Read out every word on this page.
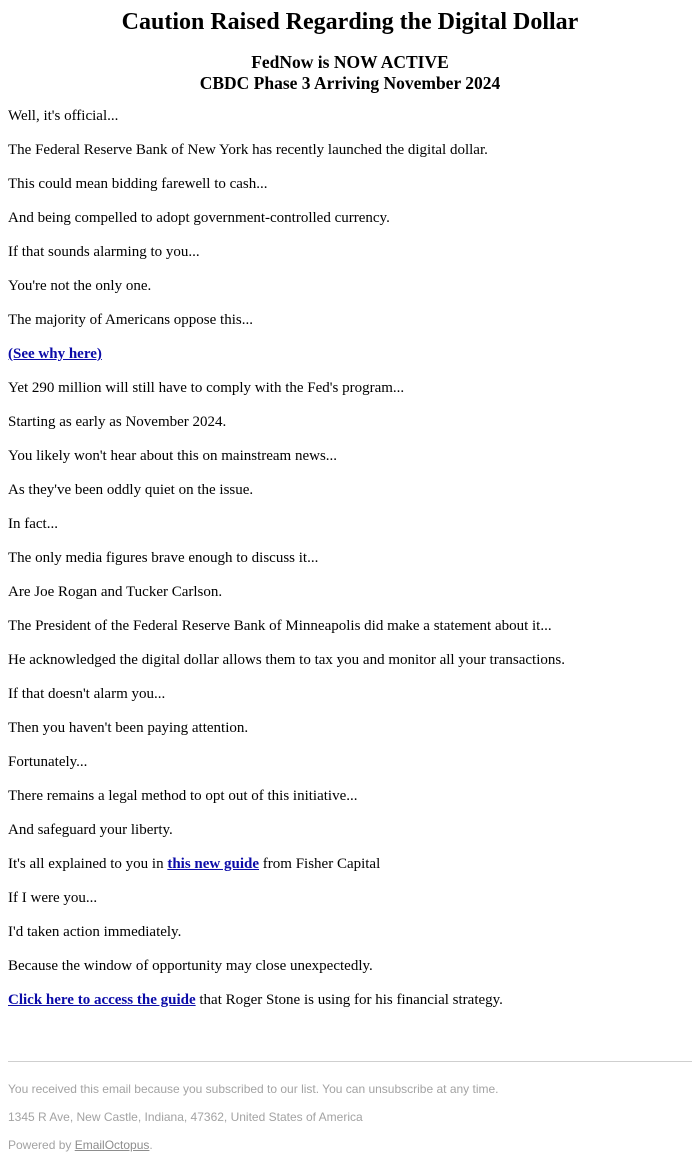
Caution Raised Regarding the Digital Dollar
FedNow is NOW ACTIVE
CBDC Phase 3 Arriving November 2024

Well, it's official...

The Federal Reserve Bank of New York has recently launched the digital dollar.

This could mean bidding farewell to cash...

And being compelled to adopt government-controlled currency.

If that sounds alarming to you...

You're not the only one.

The majority of Americans oppose this...

(See why here)

Yet 290 million will still have to comply with the Fed's program...

Starting as early as November 2024.

You likely won't hear about this on mainstream news...

As they've been oddly quiet on the issue.

In fact...

The only media figures brave enough to discuss it...

Are Joe Rogan and Tucker Carlson.

The President of the Federal Reserve Bank of Minneapolis did make a statement about it...

He acknowledged the digital dollar allows them to tax you and monitor all your transactions.

If that doesn't alarm you...

Then you haven't been paying attention.

Fortunately...

There remains a legal method to opt out of this initiative...

And safeguard your liberty.

It's all explained to you in this new guide from Fisher Capital

If I were you...

I'd taken action immediately.

Because the window of opportunity may close unexpectedly.

Click here to access the guide that Roger Stone is using for his financial strategy.

You received this email because you subscribed to our list. You can unsubscribe at any time.

1345 R Ave, New Castle, Indiana, 47362, United States of America

Powered by EmailOctopus.
